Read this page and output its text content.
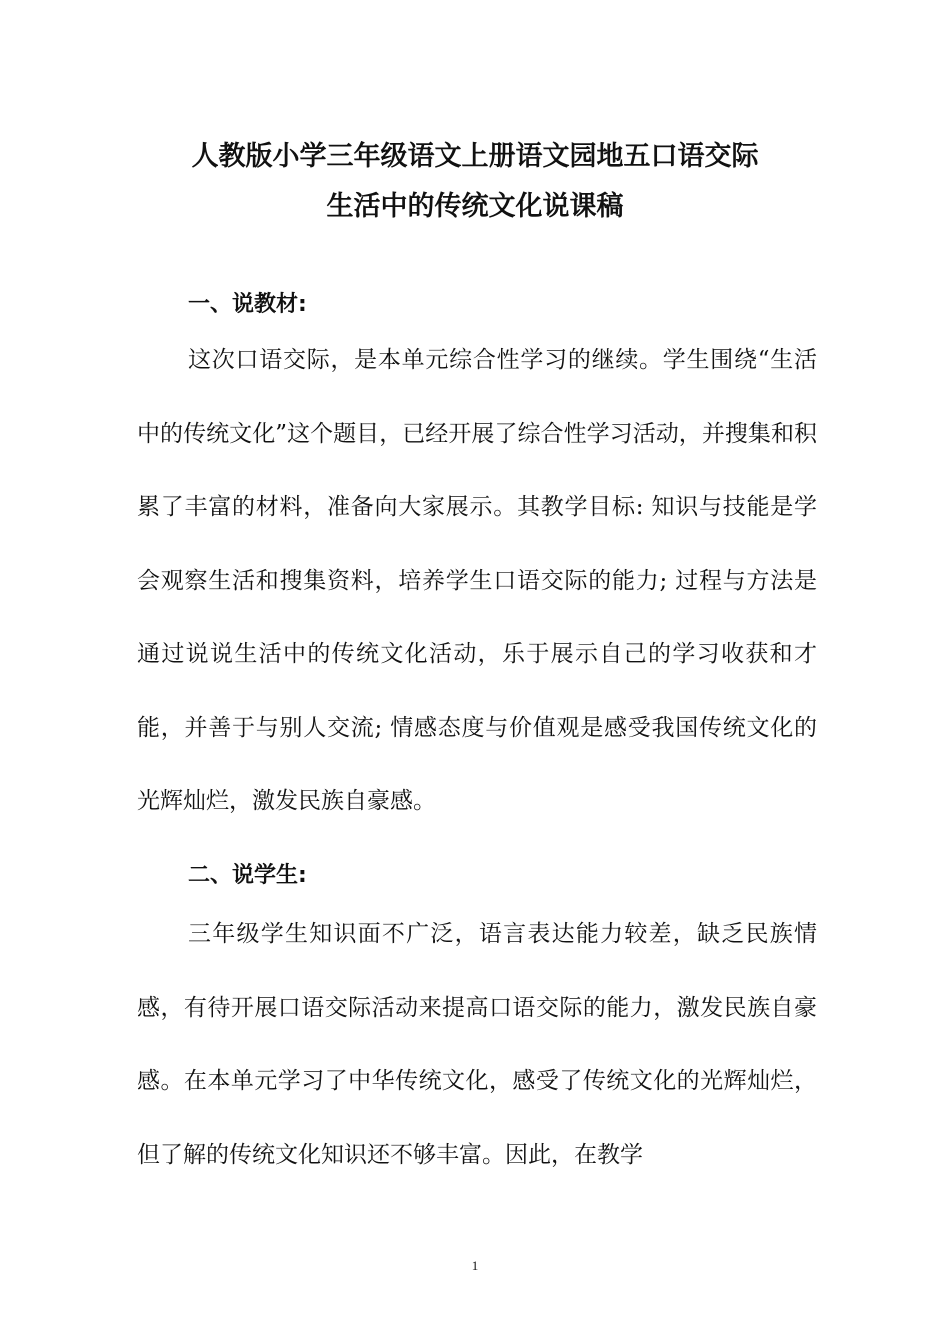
人教版小学三年级语文上册语文园地五口语交际
生活中的传统文化说课稿
一、说教材:

这次口语交际，是本单元综合性学习的继续。学生围绕“生活中的传统文化”这个题目，已经开展了综合性学习活动，并搜集和积累了丰富的材料，准备向大家展示。其教学目标: 知识与技能是学会观察生活和搜集资料，培养学生口语交际的能力; 过程与方法是通过说说生活中的传统文化活动，乐于展示自己的学习收获和才能，并善于与别人交流; 情感态度与价值观是感受我国传统文化的光辉灿烂，激发民族自豪感。

二、说学生:

三年级学生知识面不广泛，语言表达能力较差，缺乏民族情感，有待开展口语交际活动来提高口语交际的能力，激发民族自豪感。在本单元学习了中华传统文化，感受了传统文化的光辉灿烂，但了解的传统文化知识还不够丰富。因此，在教学

1
